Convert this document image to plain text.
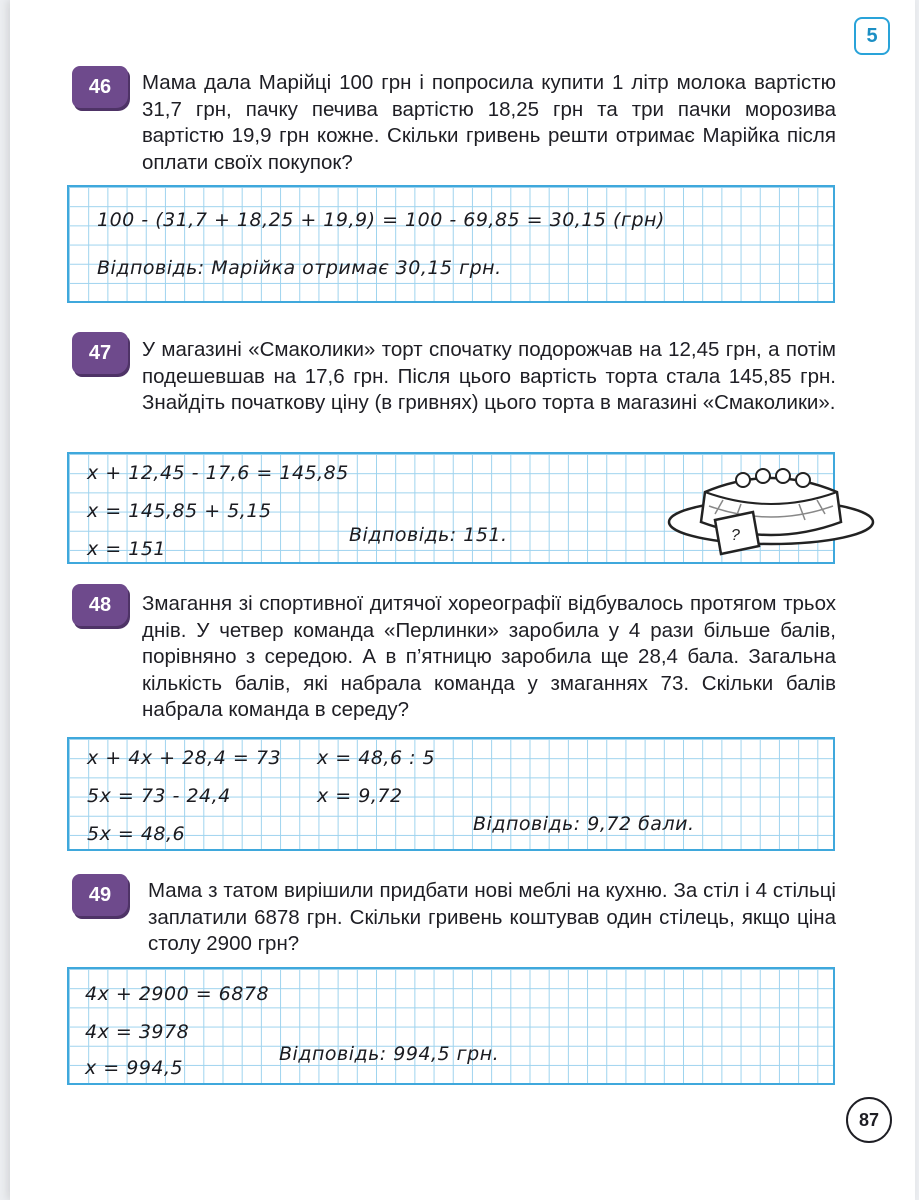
5
46	Мама дала Марійці 100 грн і попросила купити 1 літр молока вартістю 31,7 грн, пачку печива вартістю 18,25 грн та три пачки морозива вартістю 19,9 грн кожне. Скільки гривень решти отримає Марійка після оплати своїх покупок?
100 - (31,7 + 18,25 + 19,9) = 100 - 69,85 = 30,15 (грн)
Відповідь: Марійка отримає 30,15 грн.
47	У магазині «Смаколики» торт спочатку подорожчав на 12,45 грн, а потім подешевшав на 17,6 грн. Після цього вартість торта стала 145,85 грн. Знайдіть початкову ціну (в гривнях) цього торта в магазині «Смаколики».
x + 12,45 - 17,6 = 145,85
x = 145,85 + 5,15
x = 151
Відповідь: 151.	?
48	Змагання зі спортивної дитячої хореографії відбувалось протягом трьох днів. У четвер команда «Перлинки» заробила у 4 рази більше балів, порівняно з середою. А в п’ятницю заробила ще 28,4 бала. Загальна кількість балів, які набрала команда у змаганнях 73. Скільки балів набрала команда в середу?
x + 4x + 28,4 = 73
5x = 73 - 24,4
5x = 48,6
x = 48,6 : 5
x = 9,72
Відповідь: 9,72 бали.
49	Мама з татом вирішили придбати нові меблі на кухню. За стіл і 4 стільці заплатили 6878 грн. Скільки гривень коштував один стілець, якщо ціна столу 2900 грн?
4x + 2900 = 6878
4x = 3978
x = 994,5
Відповідь: 994,5 грн.
87
